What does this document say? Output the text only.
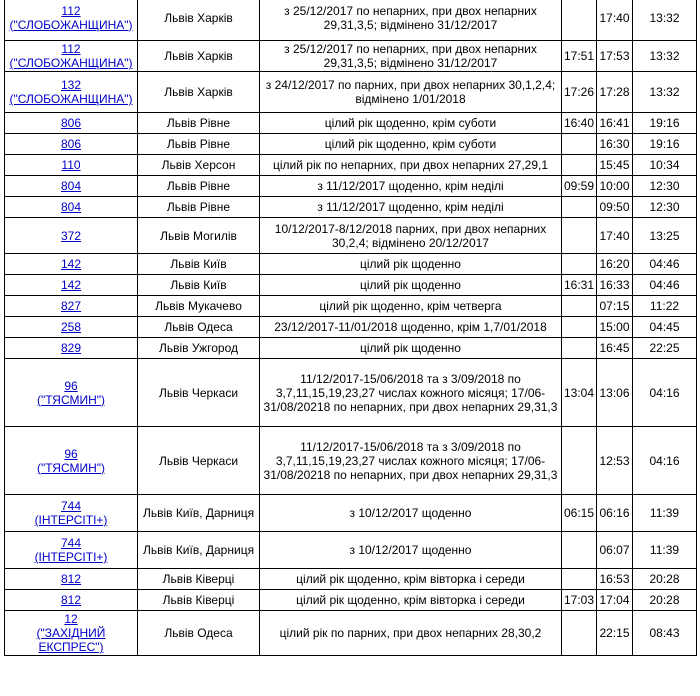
112
("СЛОБОЖАНЩИНА")	Львів Харків	з 25/12/2017 по непарних, при двох непарних 29,31,3,5; відмінено 31/12/2017		17:40	13:32
112
("СЛОБОЖАНЩИНА")	Львів Харків	з 25/12/2017 по непарних, при двох непарних 29,31,3,5; відмінено 31/12/2017	17:51	17:53	13:32
132
("СЛОБОЖАНЩИНА")	Львів Харків	з 24/12/2017 по парних, при двох непарних 30,1,2,4; відмінено 1/01/2018	17:26	17:28	13:32
806	Львів Рівне	цілий рік щоденно, крім суботи	16:40	16:41	19:16
806	Львів Рівне	цілий рік щоденно, крім суботи		16:30	19:16
110	Львів Херсон	цілий рік по непарних, при двох непарних 27,29,1		15:45	10:34
804	Львів Рівне	з 11/12/2017 щоденно, крім неділі	09:59	10:00	12:30
804	Львів Рівне	з 11/12/2017 щоденно, крім неділі		09:50	12:30
372	Львів Могилів	10/12/2017-8/12/2018 парних, при двох непарних 30,2,4; відмінено 20/12/2017		17:40	13:25
142	Львів Київ	цілий рік щоденно		16:20	04:46
142	Львів Київ	цілий рік щоденно	16:31	16:33	04:46
827	Львів Мукачево	цілий рік щоденно, крім четверга		07:15	11:22
258	Львів Одеса	23/12/2017-11/01/2018 щоденно, крім 1,7/01/2018		15:00	04:45
829	Львів Ужгород	цілий рік щоденно		16:45	22:25
96
("ТЯСМИН")	Львів Черкаси	11/12/2017-15/06/2018 та з 3/09/2018 по 3,7,11,15,19,23,27 числах кожного місяця; 17/06-31/08/20218 по непарних, при двох непарних 29,31,3	13:04	13:06	04:16
96
("ТЯСМИН")	Львів Черкаси	11/12/2017-15/06/2018 та з 3/09/2018 по 3,7,11,15,19,23,27 числах кожного місяця; 17/06-31/08/20218 по непарних, при двох непарних 29,31,3		12:53	04:16
744
(ІНТЕРСІТІ+)	Львів Київ, Дарниця	з 10/12/2017 щоденно	06:15	06:16	11:39
744
(ІНТЕРСІТІ+)	Львів Київ, Дарниця	з 10/12/2017 щоденно		06:07	11:39
812	Львів Ківерці	цілий рік щоденно, крім вівторка і середи		16:53	20:28
812	Львів Ківерці	цілий рік щоденно, крім вівторка і середи	17:03	17:04	20:28
12
("ЗАХІДНИЙ ЕКСПРЕС")	Львів Одеса	цілий рік по парних, при двох непарних 28,30,2		22:15	08:43
